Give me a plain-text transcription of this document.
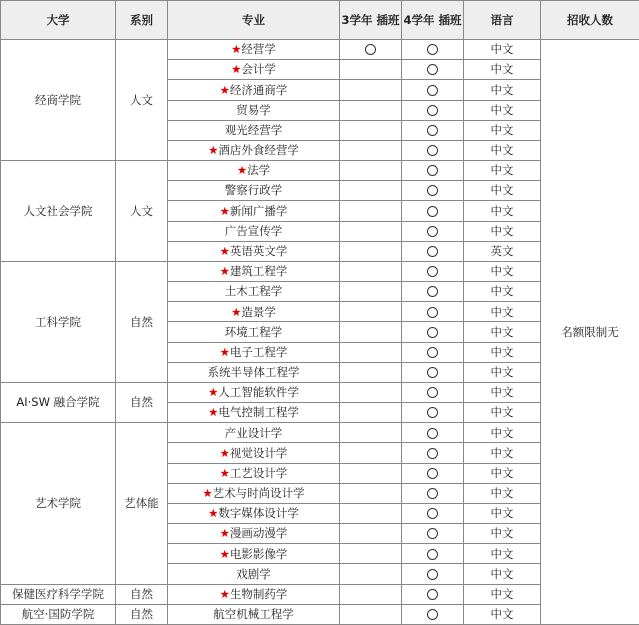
大学	系别	专业	3学年 插班	4学年 插班	语言	招收人数
经商学院	人文	★经营学			中文	名额限制无
		★会计学			中文	
		★经济通商学			中文	
		贸易学			中文	
		观光经营学			中文	
		★酒店外食经营学			中文	
人文社会学院	人文	★法学			中文	
		警察行政学			中文	
		★新闻广播学			中文	
		广告宣传学			中文	
		★英语英文学			英文	
工科学院	自然	★建筑工程学			中文	
		土木工程学			中文	
		★造景学			中文	
		环境工程学			中文	
		★电子工程学			中文	
		系统半导体工程学			中文	
AI·SW 融合学院	自然	★人工智能软件学			中文	
		★电气控制工程学			中文	
艺术学院	艺体能	产业设计学			中文	
		★视觉设计学			中文	
		★工艺设计学			中文	
		★艺术与时尚设计学			中文	
		★数字媒体设计学			中文	
		★漫画动漫学			中文	
		★电影影像学			中文	
		戏剧学			中文	
保健医疗科学学院	自然	★生物制药学			中文	
航空·国防学院	自然	航空机械工程学			中文	
